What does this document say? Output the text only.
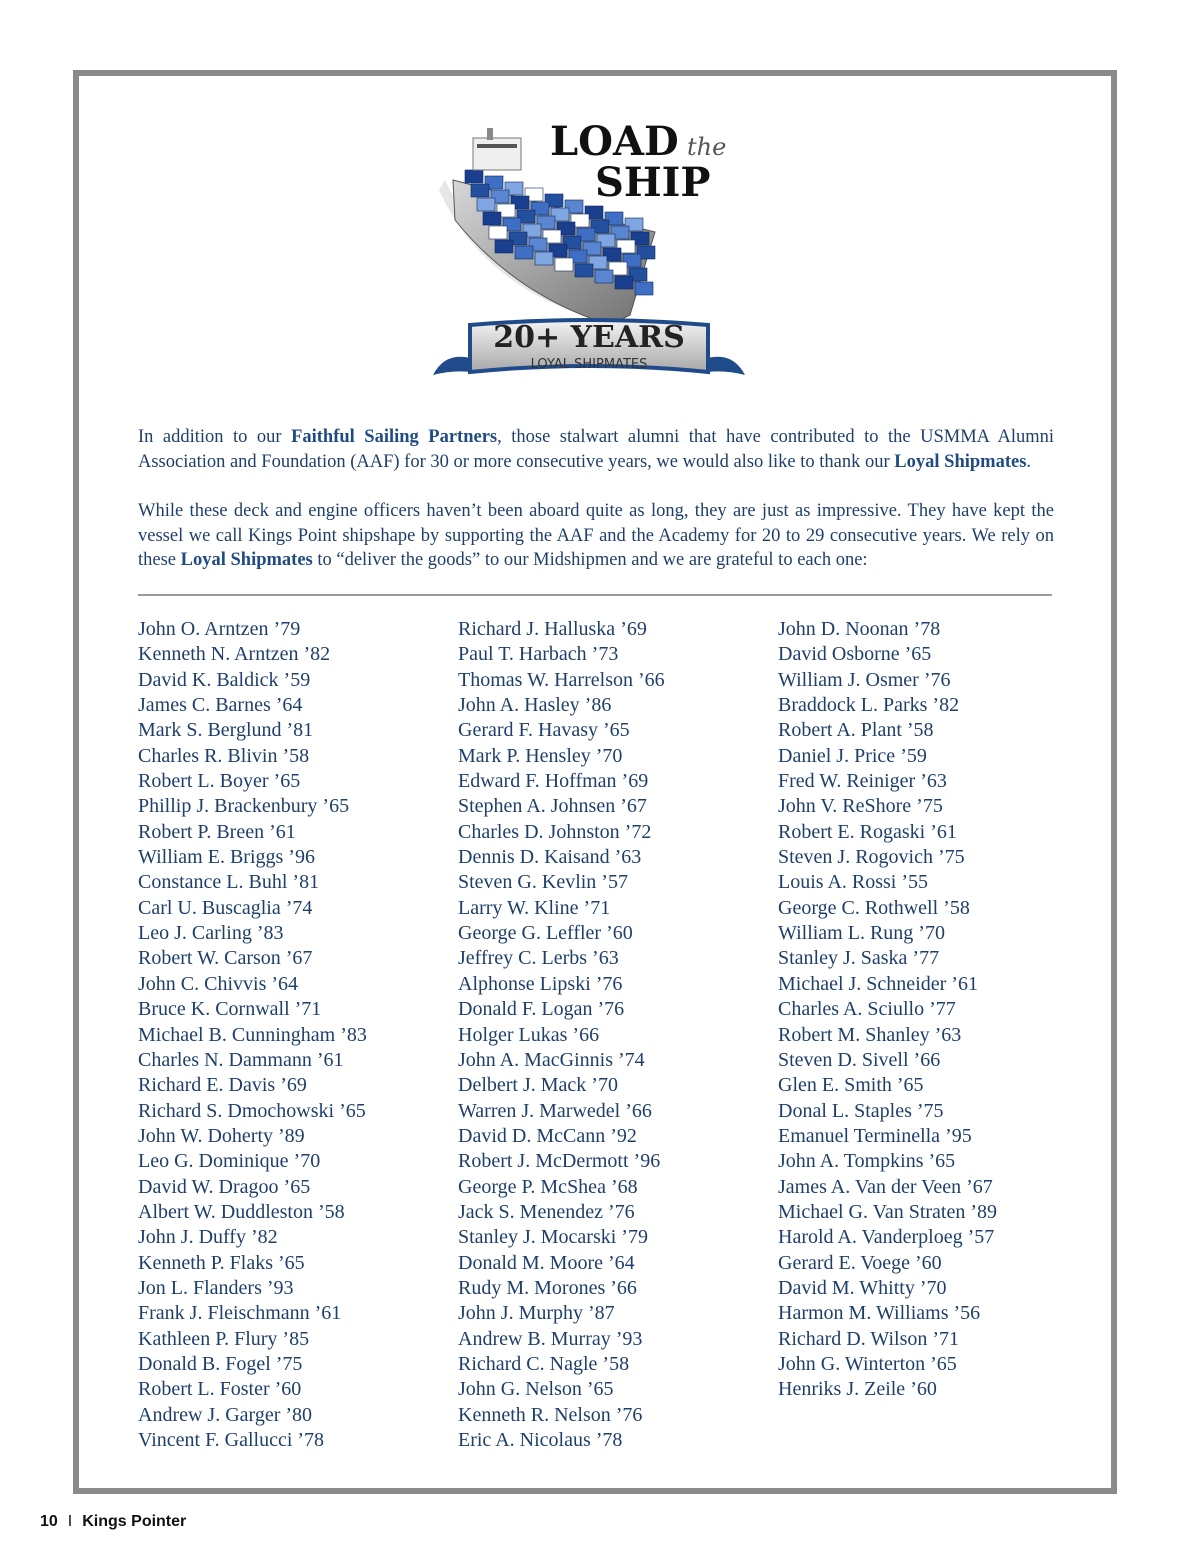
LOAD the
SHIP
20+ YEARS
LOYAL SHIPMATES

In addition to our Faithful Sailing Partners, those stalwart alumni that have contributed to the USMMA Alumni Association and Foundation (AAF) for 30 or more consecutive years, we would also like to thank our Loyal Shipmates.

While these deck and engine officers haven’t been aboard quite as long, they are just as impressive. They have kept the vessel we call Kings Point shipshape by supporting the AAF and the Academy for 20 to 29 consecutive years. We rely on these Loyal Shipmates to “deliver the goods” to our Midshipmen and we are grateful to each one:

John O. Arntzen ’79
Kenneth N. Arntzen ’82
David K. Baldick ’59
James C. Barnes ’64
Mark S. Berglund ’81
Charles R. Blivin ’58
Robert L. Boyer ’65
Phillip J. Brackenbury ’65
Robert P. Breen ’61
William E. Briggs ’96
Constance L. Buhl ’81
Carl U. Buscaglia ’74
Leo J. Carling ’83
Robert W. Carson ’67
John C. Chivvis ’64
Bruce K. Cornwall ’71
Michael B. Cunningham ’83
Charles N. Dammann ’61
Richard E. Davis ’69
Richard S. Dmochowski ’65
John W. Doherty ’89
Leo G. Dominique ’70
David W. Dragoo ’65
Albert W. Duddleston ’58
John J. Duffy ’82
Kenneth P. Flaks ’65
Jon L. Flanders ’93
Frank J. Fleischmann ’61
Kathleen P. Flury ’85
Donald B. Fogel ’75
Robert L. Foster ’60
Andrew J. Garger ’80
Vincent F. Gallucci ’78
Richard J. Halluska ’69
Paul T. Harbach ’73
Thomas W. Harrelson ’66
John A. Hasley ’86
Gerard F. Havasy ’65
Mark P. Hensley ’70
Edward F. Hoffman ’69
Stephen A. Johnsen ’67
Charles D. Johnston ’72
Dennis D. Kaisand ’63
Steven G. Kevlin ’57
Larry W. Kline ’71
George G. Leffler ’60
Jeffrey C. Lerbs ’63
Alphonse Lipski ’76
Donald F. Logan ’76
Holger Lukas ’66
John A. MacGinnis ’74
Delbert J. Mack ’70
Warren J. Marwedel ’66
David D. McCann ’92
Robert J. McDermott ’96
George P. McShea ’68
Jack S. Menendez ’76
Stanley J. Mocarski ’79
Donald M. Moore ’64
Rudy M. Morones ’66
John J. Murphy ’87
Andrew B. Murray ’93
Richard C. Nagle ’58
John G. Nelson ’65
Kenneth R. Nelson ’76
Eric A. Nicolaus ’78
John D. Noonan ’78
David Osborne ’65
William J. Osmer ’76
Braddock L. Parks ’82
Robert A. Plant ’58
Daniel J. Price ’59
Fred W. Reiniger ’63
John V. ReShore ’75
Robert E. Rogaski ’61
Steven J. Rogovich ’75
Louis A. Rossi ’55
George C. Rothwell ’58
William L. Rung ’70
Stanley J. Saska ’77
Michael J. Schneider ’61
Charles A. Sciullo ’77
Robert M. Shanley ’63
Steven D. Sivell ’66
Glen E. Smith ’65
Donal L. Staples ’75
Emanuel Terminella ’95
John A. Tompkins ’65
James A. Van der Veen ’67
Michael G. Van Straten ’89
Harold A. Vanderploeg ’57
Gerard E. Voege ’60
David M. Whitty ’70
Harmon M. Williams ’56
Richard D. Wilson ’71
John G. Winterton ’65
Henriks J. Zeile ’60
10 I Kings Pointer
